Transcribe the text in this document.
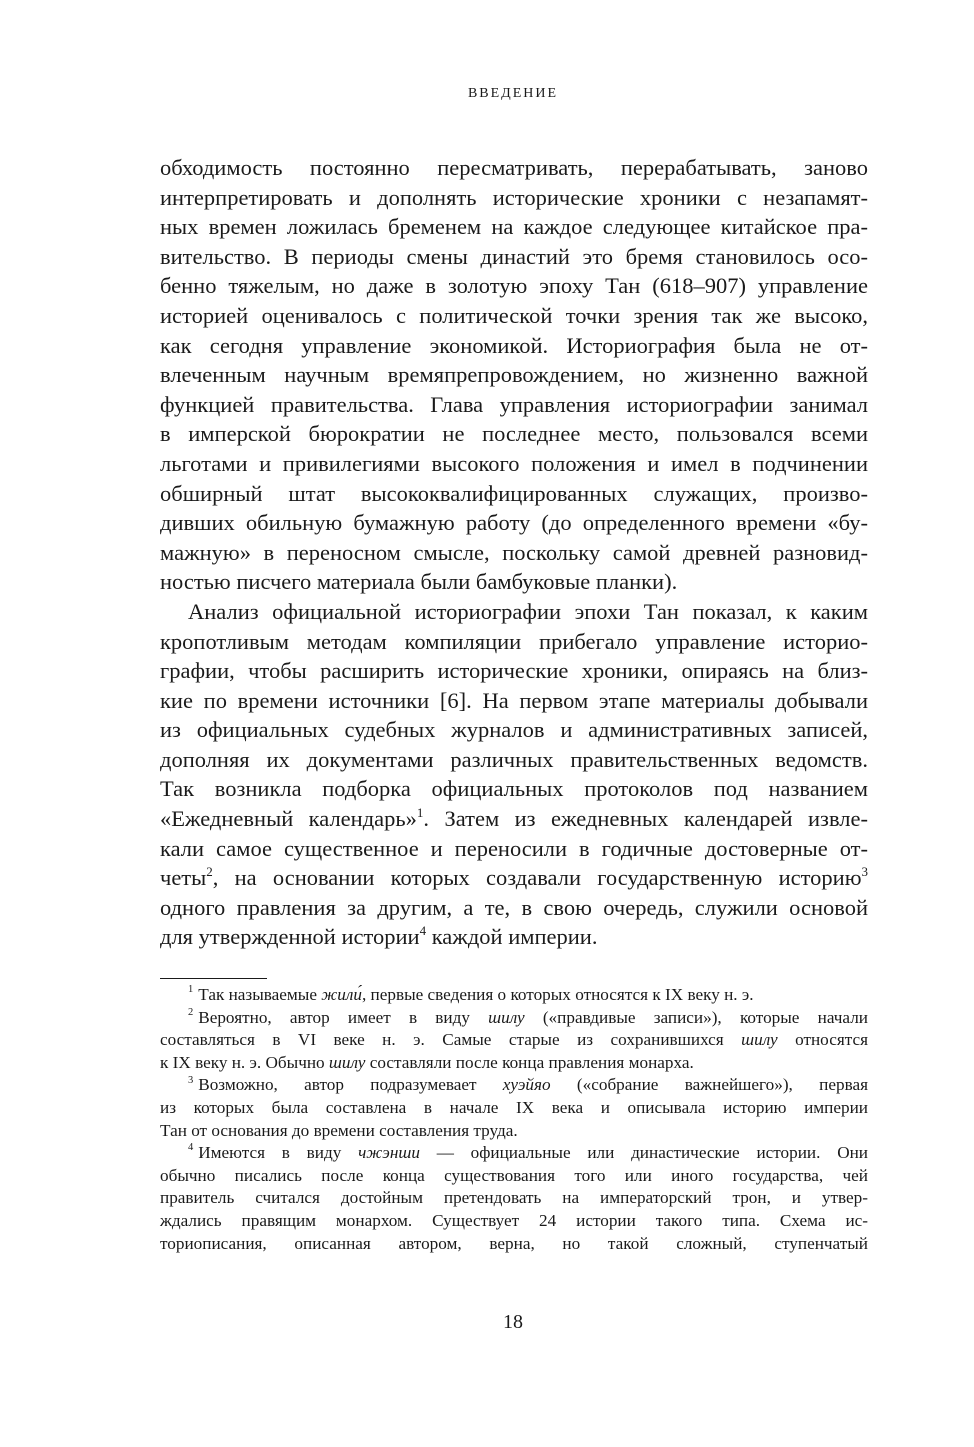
ВВЕДЕНИЕ
обходимость постоянно пересматривать, перерабатывать, заново
интерпретировать и дополнять исторические хроники с незапамят-
ных времен ложилась бременем на каждое следующее китайское пра-
вительство. В периоды смены династий это бремя становилось осо-
бенно тяжелым, но даже в золотую эпоху Тан (618–907) управление
историей оценивалось с политической точки зрения так же высоко,
как сегодня управление экономикой. Историография была не от-
влеченным научным времяпрепровождением, но жизненно важной
функцией правительства. Глава управления историографии занимал
в имперской бюрократии не последнее место, пользовался всеми
льготами и привилегиями высокого положения и имел в подчинении
обширный штат высококвалифицированных служащих, произво-
дивших обильную бумажную работу (до определенного времени «бу-
мажную» в переносном смысле, поскольку самой древней разновид-
ностью писчего материала были бамбуковые планки).
Анализ официальной историографии эпохи Тан показал, к каким
кропотливым методам компиляции прибегало управление историо-
графии, чтобы расширить исторические хроники, опираясь на близ-
кие по времени источники [6]. На первом этапе материалы добывали
из официальных судебных журналов и административных записей,
дополняя их документами различных правительственных ведомств.
Так возникла подборка официальных протоколов под названием
«Ежедневный календарь»$^1$. Затем из ежедневных календарей извле-
кали самое существенное и переносили в годичные достоверные от-
четы$^2$, на основании которых создавали государственную историю$^3$
одного правления за другим, а те, в свою очередь, служили основой
для утвержденной истории$^4$ каждой империи.
$^1$ Так называемые жили́, первые сведения о которых относятся к IX веку н. э.
$^2$ Вероятно, автор имеет в виду шилу («правдивые записи»), которые начали
составляться в VI веке н. э. Самые старые из сохранившихся шилу относятся
к IX веку н. э. Обычно шилу составляли после конца правления монарха.
$^3$ Возможно, автор подразумевает хуэйяо («собрание важнейшего»), первая
из которых была составлена в начале IX века и описывала историю империи
Тан от основания до времени составления труда.
$^4$ Имеются в виду чжэнши — официальные или династические истории. Они
обычно писались после конца существования того или иного государства, чей
правитель считался достойным претендовать на императорский трон, и утвер-
ждались правящим монархом. Существует 24 истории такого типа. Схема ис-
ториописания, описанная автором, верна, но такой сложный, ступенчатый
18
